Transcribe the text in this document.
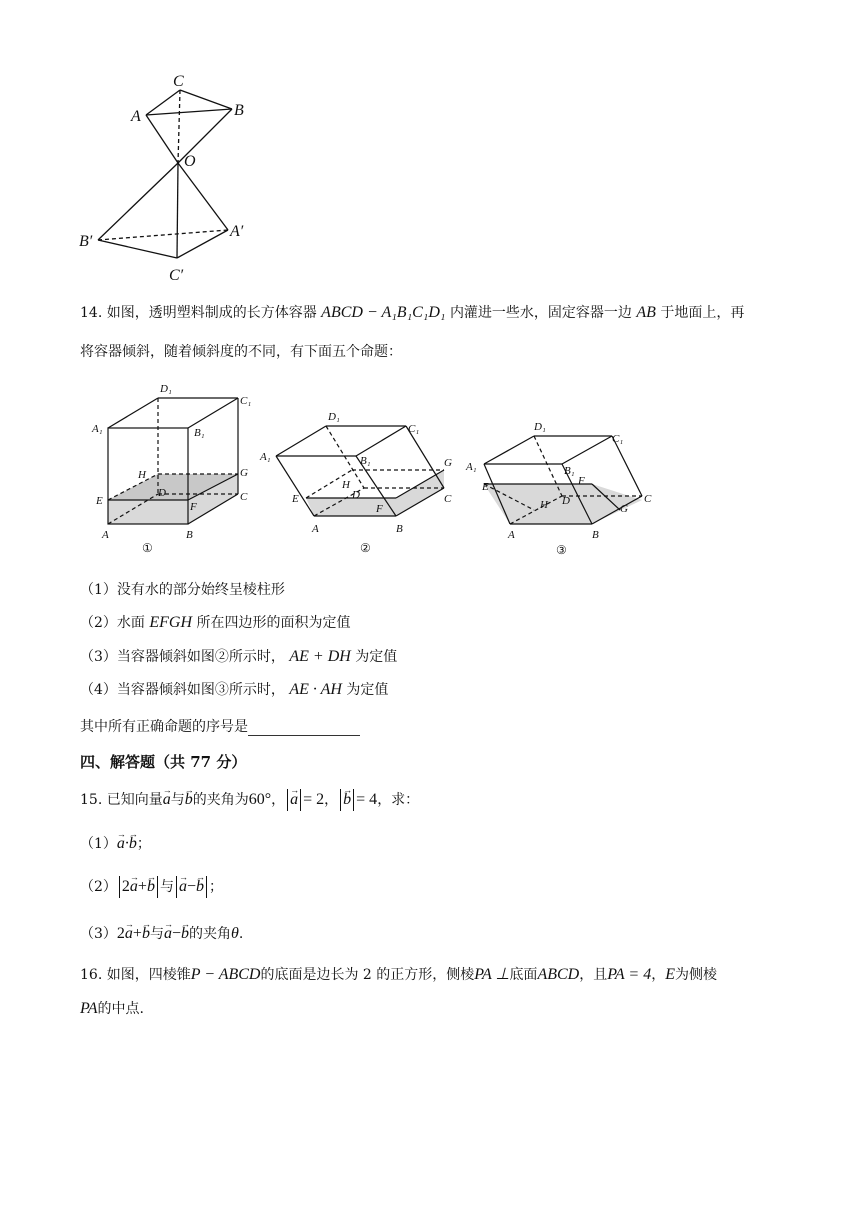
C
A	B
O
B′
A′
C′
14. 如图，透明塑料制成的长方体容器 ABCD − A₁B₁C₁D₁ 内灌进一些水，固定容器一边 AB 于地面上，再
将容器倾斜，随着倾斜度的不同，有下面五个命题：
D₁
C₁
A₁	B₁
H	G
D	C
E	F
A	B
①
D₁
C₁
A₁	B₁
H
D
G
C
E
F
A	B
②
D₁
C₁
A₁	B₁
F
E
H D	C
G
A	B
③
（1）没有水的部分始终呈棱柱形
（2）水面 EFGH 所在四边形的面积为定值
（3）当容器倾斜如图②所示时， AE + DH 为定值
（4）当容器倾斜如图③所示时， AE · AH 为定值
其中所有正确命题的序号是
四、解答题（共 77 分）
15. 已知向量→ a与→ b的夹角为60°， → a = 2， → b = 4，求：
（1）→ a·→ b；
（2） 2→ a+→ b 与 → a−→ b ；
（3）2→ a+→ b与→ a−→ b的夹角θ.
16. 如图，四棱锥P − ABCD的底面是边长为 2 的正方形，侧棱PA ⊥底面ABCD，且PA = 4，E为侧棱
PA的中点.
